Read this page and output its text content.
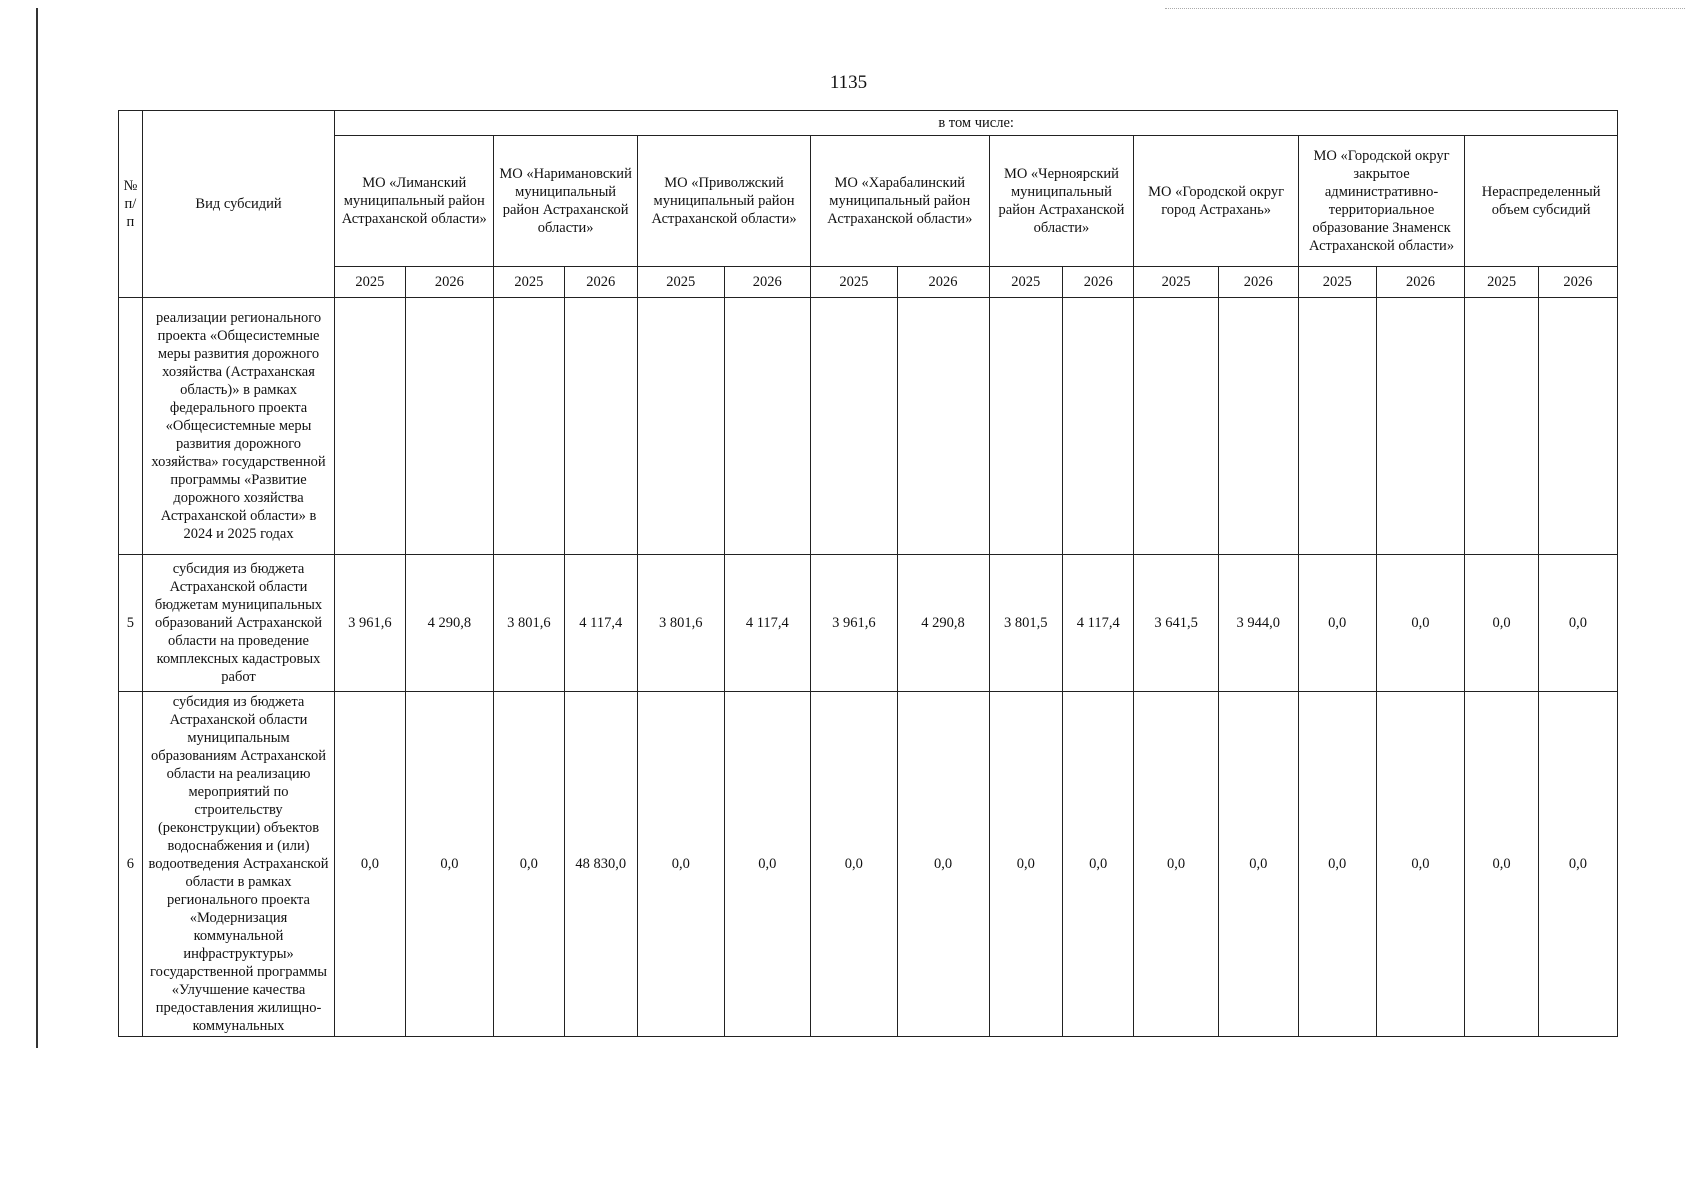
1135
№ п/п	Вид субсидий	в том числе:															
		МО «Лиманский муниципальный район Астраханской области»		МО «Наримановский муниципальный район Астраханской области»		МО «Приволжский муниципальный район Астраханской области»		МО «Харабалинский муниципальный район Астраханской области»		МО «Черноярский муниципальный район Астраханской области»		МО «Городской округ город Астрахань»		МО «Городской округ закрытое административно-территориальное образование Знаменск Астраханской области»		Нераспределенный объем субсидий	
		2025	2026	2025	2026	2025	2026	2025	2026	2025	2026	2025	2026	2025	2026	2025	2026
	реализации регионального проекта «Общесистемные меры развития дорожного хозяйства (Астраханская область)» в рамках федерального проекта «Общесистемные меры развития дорожного хозяйства» государственной программы «Развитие дорожного хозяйства Астраханской области» в 2024 и 2025 годах																
5	субсидия из бюджета Астраханской области бюджетам муниципальных образований Астраханской области на проведение комплексных кадастровых работ	3 961,6	4 290,8	3 801,6	4 117,4	3 801,6	4 117,4	3 961,6	4 290,8	3 801,5	4 117,4	3 641,5	3 944,0	0,0	0,0	0,0	0,0
6	субсидия из бюджета Астраханской области муниципальным образованиям Астраханской области на реализацию мероприятий по строительству (реконструкции) объектов водоснабжения и (или) водоотведения Астраханской области в рамках регионального проекта «Модернизация коммунальной инфраструктуры» государственной программы «Улучшение качества предоставления жилищно-коммунальных	0,0	0,0	0,0	48 830,0	0,0	0,0	0,0	0,0	0,0	0,0	0,0	0,0	0,0	0,0	0,0	0,0
